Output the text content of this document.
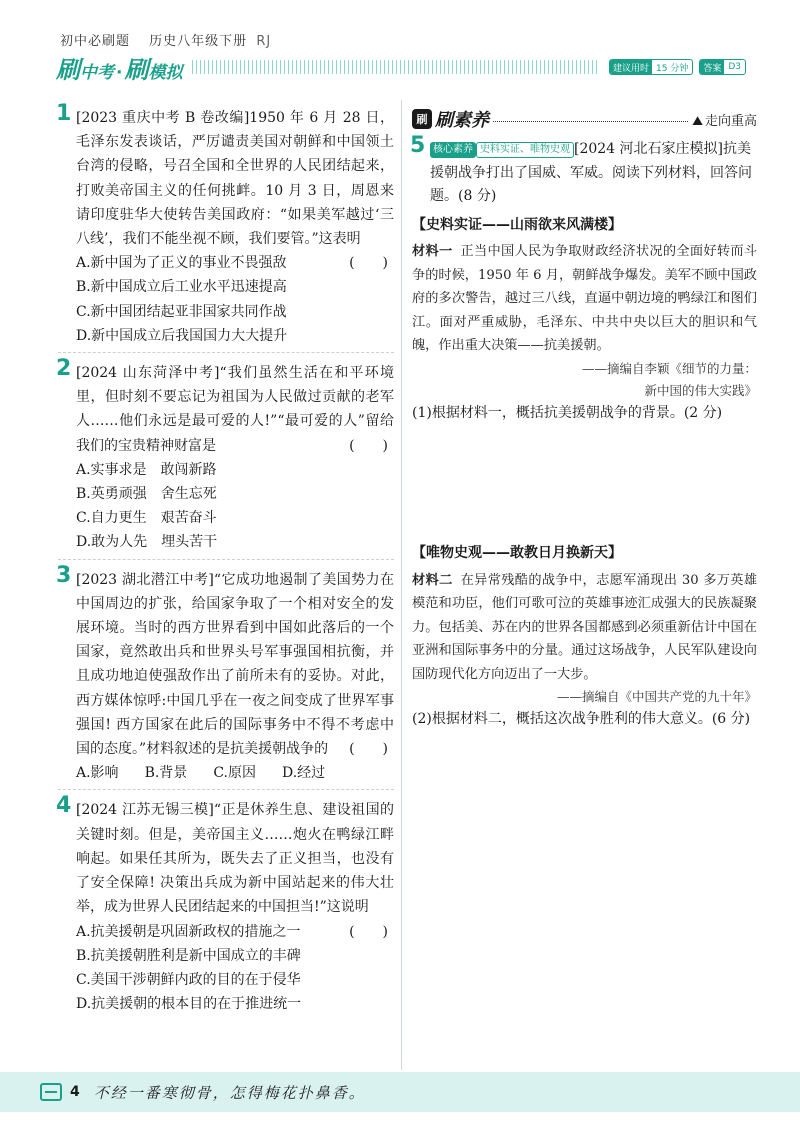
初中必刷题 历史八年级下册 RJ
刷 中考 · 刷 模拟	建议用时 15 分钟	答案 D3
1 [2023 重庆中考 B 卷改编]1950 年 6 月 28 日，毛泽东发表谈话，严厉谴责美国对朝鲜和中国领土台湾的侵略，号召全国和全世界的人民团结起来，打败美帝国主义的任何挑衅。10 月 3 日，周恩来请印度驻华大使转告美国政府：“如果美军越过‘三八线’，我们不能坐视不顾，我们要管。”这表明
(　　)

A.新中国为了正义的事业不畏强敌
B.新中国成立后工业水平迅速提高
C.新中国团结起亚非国家共同作战
D.新中国成立后我国国力大大提升
2 [2024 山东菏泽中考]“我们虽然生活在和平环境里，但时刻不要忘记为祖国为人民做过贡献的老军人……他们永远是最可爱的人!”“最可爱的人”留给我们的宝贵精神财富是	(　　)

A.实事求是　敢闯新路
B.英勇顽强　舍生忘死
C.自力更生　艰苦奋斗
D.敢为人先　埋头苦干
3 [2023 湖北潜江中考]“它成功地遏制了美国势力在中国周边的扩张，给国家争取了一个相对安全的发展环境。当时的西方世界看到中国如此落后的一个国家，竟然敢出兵和世界头号军事强国相抗衡，并且成功地迫使强敌作出了前所未有的妥协。对此，西方媒体惊呼:中国几乎在一夜之间变成了世界军事强国! 西方国家在此后的国际事务中不得不考虑中国的态度。”材料叙述的是抗美援朝战争的 (　　)

A.影响 B.背景 C.原因 D.经过
4 [2024 江苏无锡三模]“正是休养生息、建设祖国的关键时刻。但是，美帝国主义……炮火在鸭绿江畔响起。如果任其所为，既失去了正义担当，也没有了安全保障! 决策出兵成为新中国站起来的伟大壮举，成为世界人民团结起来的中国担当!”这说明
(　　)

A.抗美援朝是巩固新政权的措施之一
B.抗美援朝胜利是新中国成立的丰碑
C.美国干涉朝鲜内政的目的在于侵华
D.抗美援朝的根本目的在于推进统一
刷 刷素养	⛰ 走向重高
5 核心素养 史料实证、唯物史观 [2024 河北石家庄模拟]抗美援朝战争打出了国威、军威。阅读下列材料，回答问题。(8 分)

【史料实证——山雨欲来风满楼】

材料一 正当中国人民为争取财政经济状况的全面好转而斗争的时候，1950 年 6 月，朝鲜战争爆发。美军不顾中国政府的多次警告，越过三八线，直逼中朝边境的鸭绿江和图们江。面对严重威胁，毛泽东、中共中央以巨大的胆识和气魄，作出重大决策——抗美援朝。

——摘编自李颖《细节的力量：
新中国的伟大实践》

(1)根据材料一，概括抗美援朝战争的背景。(2 分)

【唯物史观——敢教日月换新天】

材料二 在异常残酷的战争中，志愿军涌现出 30 多万英雄模范和功臣，他们可歌可泣的英雄事迹汇成强大的民族凝聚力。包括美、苏在内的世界各国都感到必须重新估计中国在亚洲和国际事务中的分量。通过这场战争，人民军队建设向国防现代化方向迈出了一大步。

——摘编自《中国共产党的九十年》

(2)根据材料二，概括这次战争胜利的伟大意义。(6 分)

4 不经一番寒彻骨，怎得梅花扑鼻香。
